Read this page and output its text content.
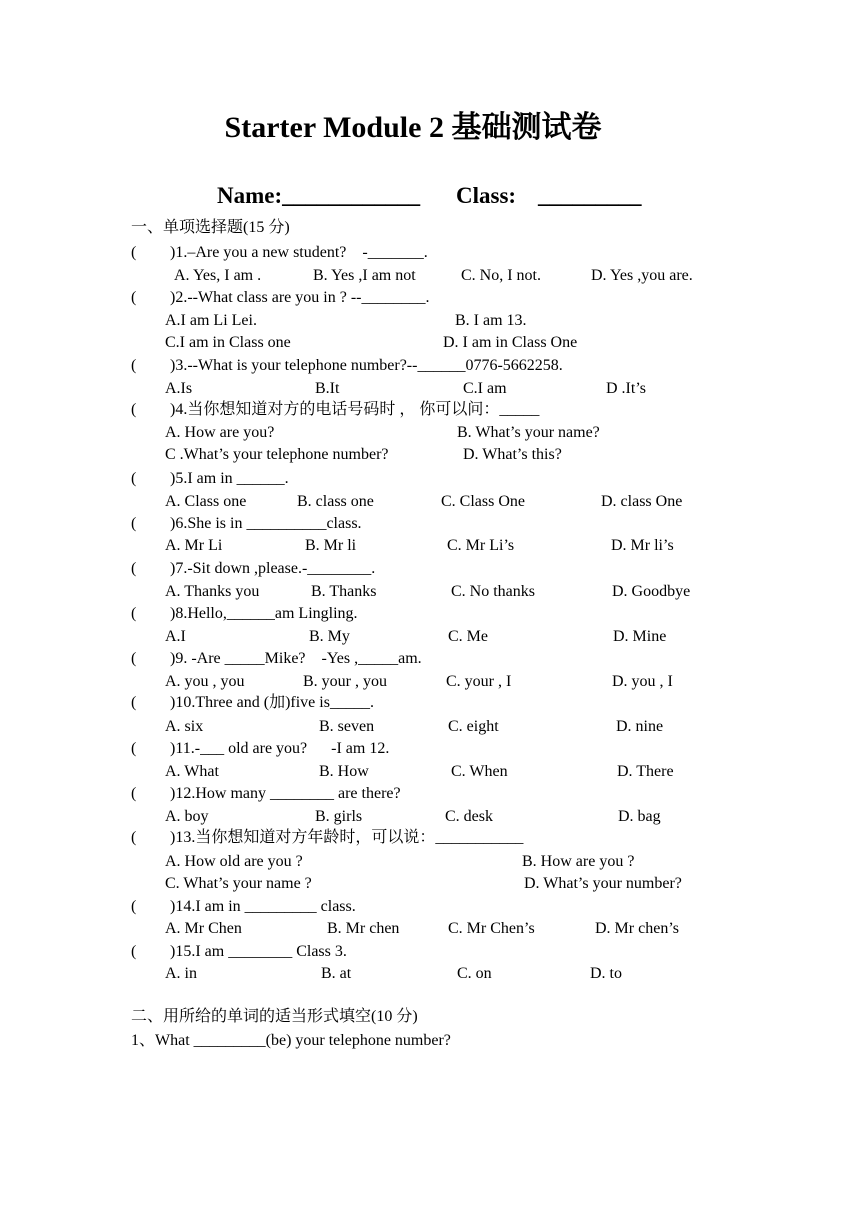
Starter Module 2 基础测试卷
Name:____________ Class: _________
一、单项选择题(15 分)
( )1.–Are you a new student?    -_______.
A. Yes, I am .	B. Yes ,I am not	C. No, I not.	D. Yes ,you are.
( )2.--What class are you in ? --________.
A.I am Li Lei.	B. I am 13.
C.I am in Class one	D. I am in Class One
( )3.--What is your telephone number?--______0776-5662258.
A.Is	B.It	C.I am	D .It’s
( )4.当你想知道对方的电话号码时 ， 你可以问：_____
A. How are you?	B. What’s your name?
C .What’s your telephone number?	D. What’s this?
( )5.I am in ______.
A. Class one	B. class one	C. Class One	D. class One
( )6.She is in __________class.
A. Mr Li	B. Mr li	C. Mr Li’s	D. Mr li’s
( )7.-Sit down ,please.-________.
A. Thanks you	B. Thanks	C. No thanks	D. Goodbye
( )8.Hello,______am Lingling.
A.I	B. My	C. Me	D. Mine
( )9. -Are _____Mike?    -Yes ,_____am.
A. you , you	B. your , you	C. your , I	D. you , I
( )10.Three and (加)five is_____.
A. six	B. seven	C. eight	D. nine
( )11.-___ old are you?      -I am 12.
A. What	B. How	C. When	D. There
( )12.How many ________ are there?
A. boy	B. girls	C. desk	D. bag
( )13.当你想知道对方年龄时，可以说：___________
A. How old are you ?	B. How are you ?
C. What’s your name ?	D. What’s your number?
( )14.I am in _________ class.
A. Mr Chen	B. Mr chen	C. Mr Chen’s	D. Mr chen’s
( )15.I am ________ Class 3.
A. in	B. at	C. on	D. to
二、用所给的单词的适当形式填空(10 分)
1、What _________(be) your telephone number?
